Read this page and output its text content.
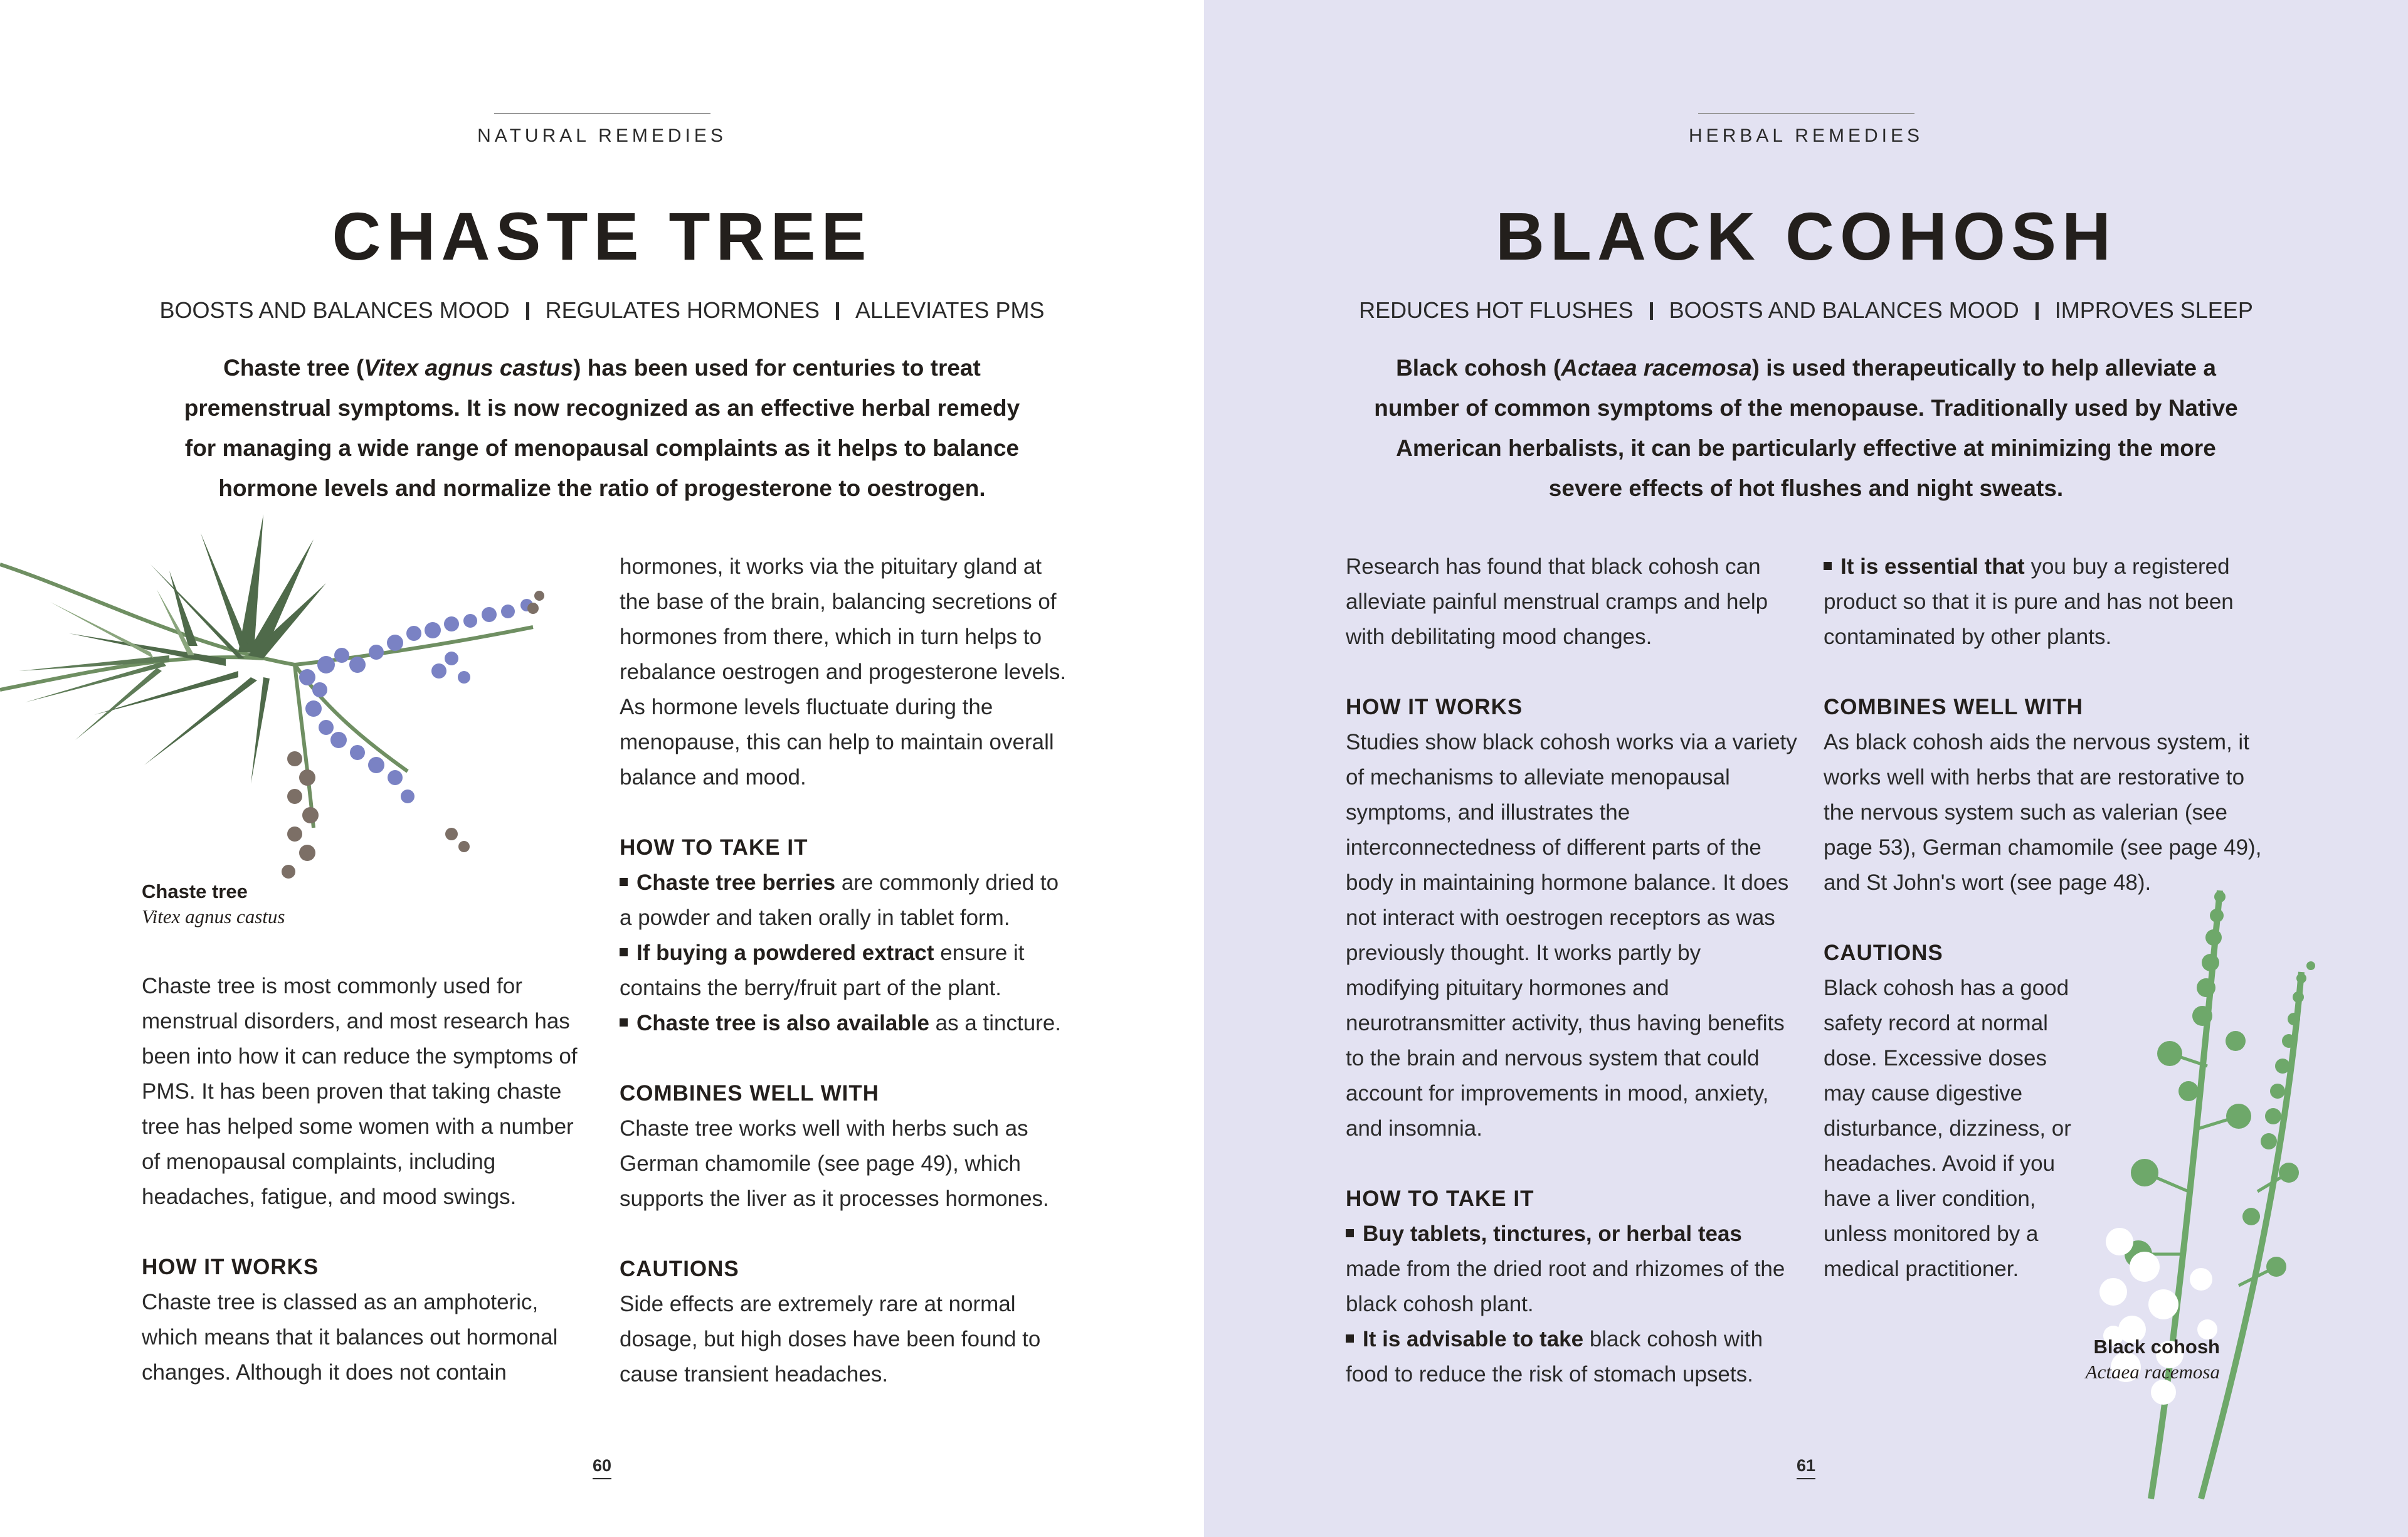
NATURAL REMEDIES
CHASTE TREE
BOOSTS AND BALANCES MOOD REGULATES HORMONES ALLEVIATES PMS
Chaste tree (Vitex agnus castus) has been used for centuries to treat premenstrual symptoms. It is now recognized as an effective herbal remedy for managing a wide range of menopausal complaints as it helps to balance hormone levels and normalize the ratio of progesterone to oestrogen.
Chaste tree
Vitex agnus castus

Chaste tree is most commonly used for menstrual disorders, and most research has been into how it can reduce the symptoms of PMS. It has been proven that taking chaste tree has helped some women with a number of menopausal complaints, including headaches, fatigue, and mood swings.

HOW IT WORKS

Chaste tree is classed as an amphoteric, which means that it balances out hormonal changes. Although it does not contain

hormones, it works via the pituitary gland at the base of the brain, balancing secretions of hormones from there, which in turn helps to rebalance oestrogen and progesterone levels. As hormone levels fluctuate during the menopause, this can help to maintain overall balance and mood.

HOW TO TAKE IT

Chaste tree berries are commonly dried to a powder and taken orally in tablet form.

If buying a powdered extract ensure it contains the berry/fruit part of the plant.

Chaste tree is also available as a tincture.

COMBINES WELL WITH

Chaste tree works well with herbs such as German chamomile (see page 49), which supports the liver as it processes hormones.

CAUTIONS

Side effects are extremely rare at normal dosage, but high doses have been found to cause transient headaches.

60
HERBAL REMEDIES
BLACK COHOSH
REDUCES HOT FLUSHES BOOSTS AND BALANCES MOOD IMPROVES SLEEP
Black cohosh (Actaea racemosa) is used therapeutically to help alleviate a number of common symptoms of the menopause. Traditionally used by Native American herbalists, it can be particularly effective at minimizing the more severe effects of hot flushes and night sweats.

Research has found that black cohosh can alleviate painful menstrual cramps and help with debilitating mood changes.

HOW IT WORKS

Studies show black cohosh works via a variety of mechanisms to alleviate menopausal symptoms, and illustrates the interconnectedness of different parts of the body in maintaining hormone balance. It does not interact with oestrogen receptors as was previously thought. It works partly by modifying pituitary hormones and neurotransmitter activity, thus having benefits to the brain and nervous system that could account for improvements in mood, anxiety, and insomnia.

HOW TO TAKE IT

Buy tablets, tinctures, or herbal teas made from the dried root and rhizomes of the black cohosh plant.

It is advisable to take black cohosh with food to reduce the risk of stomach upsets.

It is essential that you buy a registered product so that it is pure and has not been contaminated by other plants.

COMBINES WELL WITH

As black cohosh aids the nervous system, it works well with herbs that are restorative to the nervous system such as valerian (see page 53), German chamomile (see page 49), and St John's wort (see page 48).

CAUTIONS

Black cohosh has a good safety record at normal dose. Excessive doses may cause digestive disturbance, dizziness, or headaches. Avoid if you have a liver condition, unless monitored by a medical practitioner.

Black cohosh
Actaea racemosa
61
